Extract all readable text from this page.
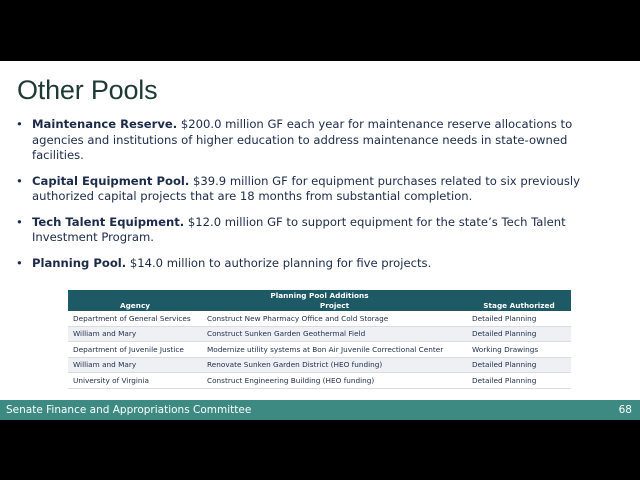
Other Pools
• Maintenance Reserve. $200.0 million GF each year for maintenance reserve allocations to agencies and institutions of higher education to address maintenance needs in state-owned facilities.
• Capital Equipment Pool. $39.9 million GF for equipment purchases related to six previously authorized capital projects that are 18 months from substantial completion.
• Tech Talent Equipment. $12.0 million GF to support equipment for the state’s Tech Talent Investment Program.
• Planning Pool. $14.0 million to authorize planning for five projects.
Planning Pool Additions		
Agency	Project	Stage Authorized
Department of General Services	Construct New Pharmacy Office and Cold Storage	Detailed Planning
William and Mary	Construct Sunken Garden Geothermal Field	Detailed Planning
Department of Juvenile Justice	Modernize utility systems at Bon Air Juvenile Correctional Center	Working Drawings
William and Mary	Renovate Sunken Garden District (HEO funding)	Detailed Planning
University of Virginia	Construct Engineering Building (HEO funding)	Detailed Planning
Senate Finance and Appropriations Committee	68
